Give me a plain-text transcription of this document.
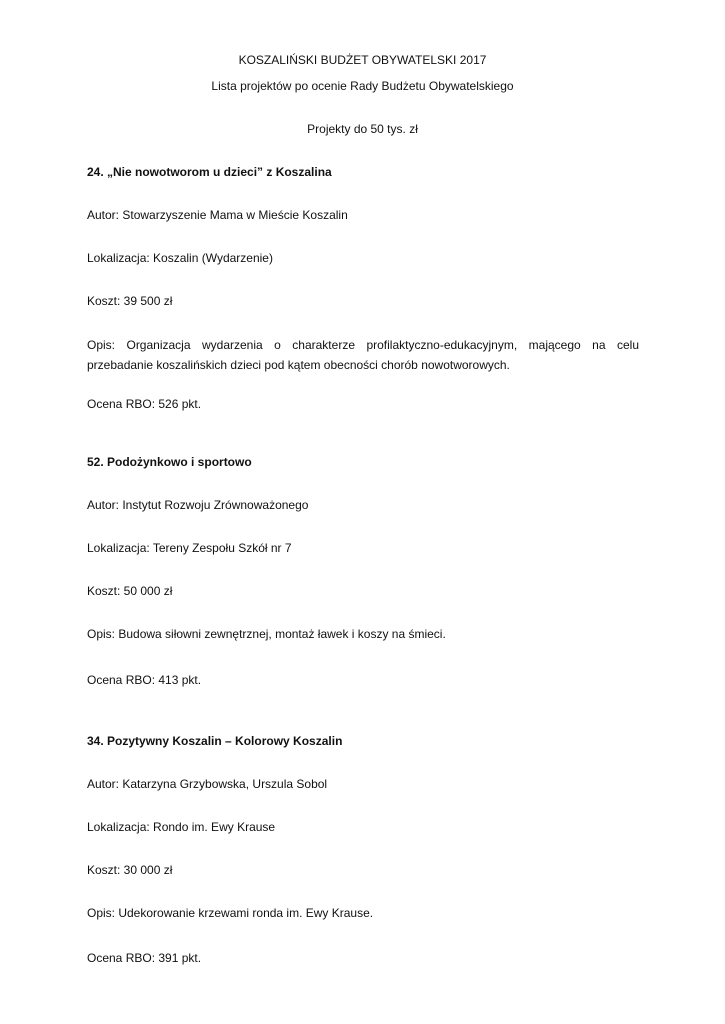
KOSZALIŃSKI BUDŻET OBYWATELSKI 2017
Lista projektów po ocenie Rady Budżetu Obywatelskiego
Projekty do 50 tys. zł
24. „Nie nowotworom u dzieci” z Koszalina
Autor: Stowarzyszenie Mama w Mieście Koszalin
Lokalizacja: Koszalin (Wydarzenie)
Koszt: 39 500 zł
Opis: Organizacja wydarzenia o charakterze profilaktyczno-edukacyjnym, mającego na celu
przebadanie koszalińskich dzieci pod kątem obecności chorób nowotworowych.
Ocena RBO: 526 pkt.
52. Podożynkowo i sportowo
Autor: Instytut Rozwoju Zrównoważonego
Lokalizacja: Tereny Zespołu Szkół nr 7
Koszt: 50 000 zł
Opis: Budowa siłowni zewnętrznej, montaż ławek i koszy na śmieci.
Ocena RBO: 413 pkt.
34. Pozytywny Koszalin – Kolorowy Koszalin
Autor: Katarzyna Grzybowska, Urszula Sobol
Lokalizacja: Rondo im. Ewy Krause
Koszt: 30 000 zł
Opis: Udekorowanie krzewami ronda im. Ewy Krause.
Ocena RBO: 391 pkt.
